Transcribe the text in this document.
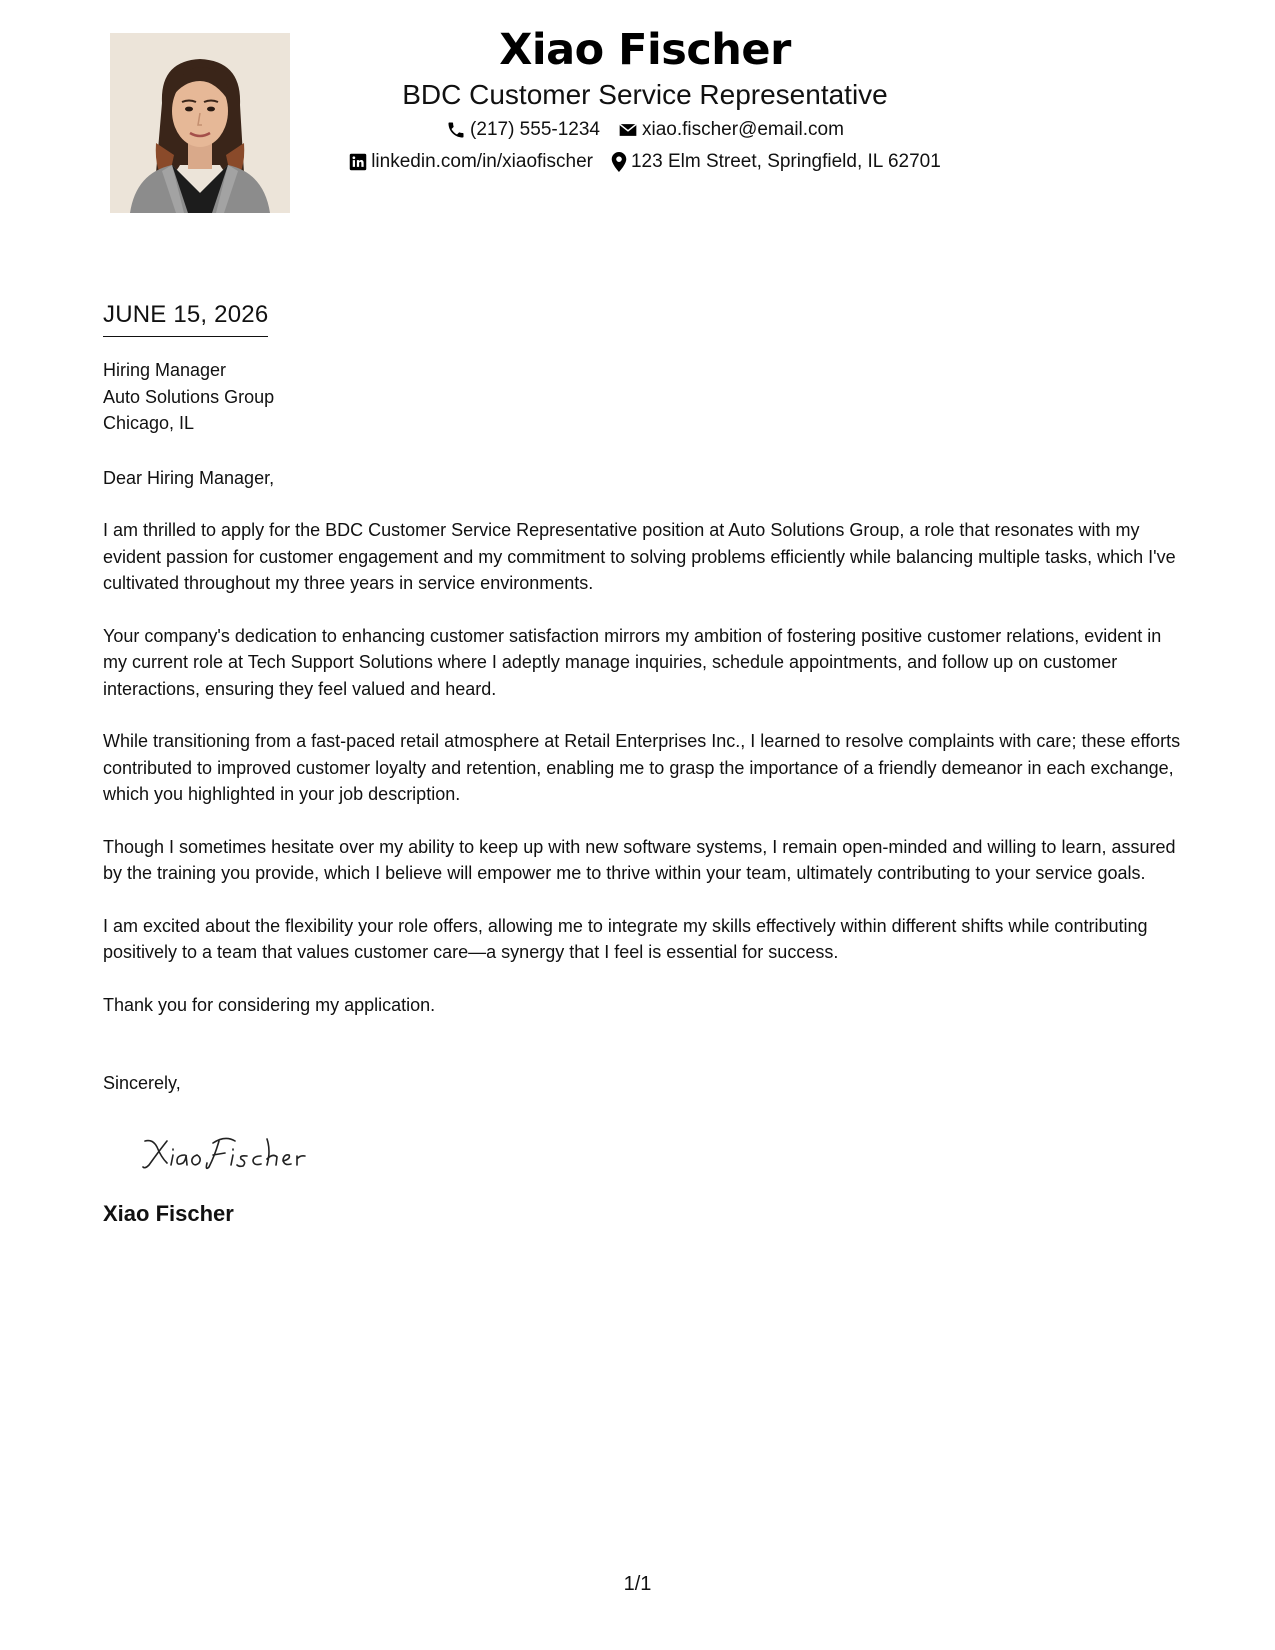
Xiao Fischer
BDC Customer Service Representative
(217) 555-1234 xiao.fischer@email.com
linkedin.com/in/xiaofischer 123 Elm Street, Springfield, IL 62701
JUNE 15, 2026
Hiring Manager
Auto Solutions Group
Chicago, IL
Dear Hiring Manager,
I am thrilled to apply for the BDC Customer Service Representative position at Auto Solutions Group, a role that resonates with my evident passion for customer engagement and my commitment to solving problems efficiently while balancing multiple tasks, which I've cultivated throughout my three years in service environments.
Your company's dedication to enhancing customer satisfaction mirrors my ambition of fostering positive customer relations, evident in my current role at Tech Support Solutions where I adeptly manage inquiries, schedule appointments, and follow up on customer interactions, ensuring they feel valued and heard.
While transitioning from a fast-paced retail atmosphere at Retail Enterprises Inc., I learned to resolve complaints with care; these efforts contributed to improved customer loyalty and retention, enabling me to grasp the importance of a friendly demeanor in each exchange, which you highlighted in your job description.
Though I sometimes hesitate over my ability to keep up with new software systems, I remain open-minded and willing to learn, assured by the training you provide, which I believe will empower me to thrive within your team, ultimately contributing to your service goals.
I am excited about the flexibility your role offers, allowing me to integrate my skills effectively within different shifts while contributing positively to a team that values customer care—a synergy that I feel is essential for success.
Thank you for considering my application.
Sincerely,
Xiao Fischer
1/1
